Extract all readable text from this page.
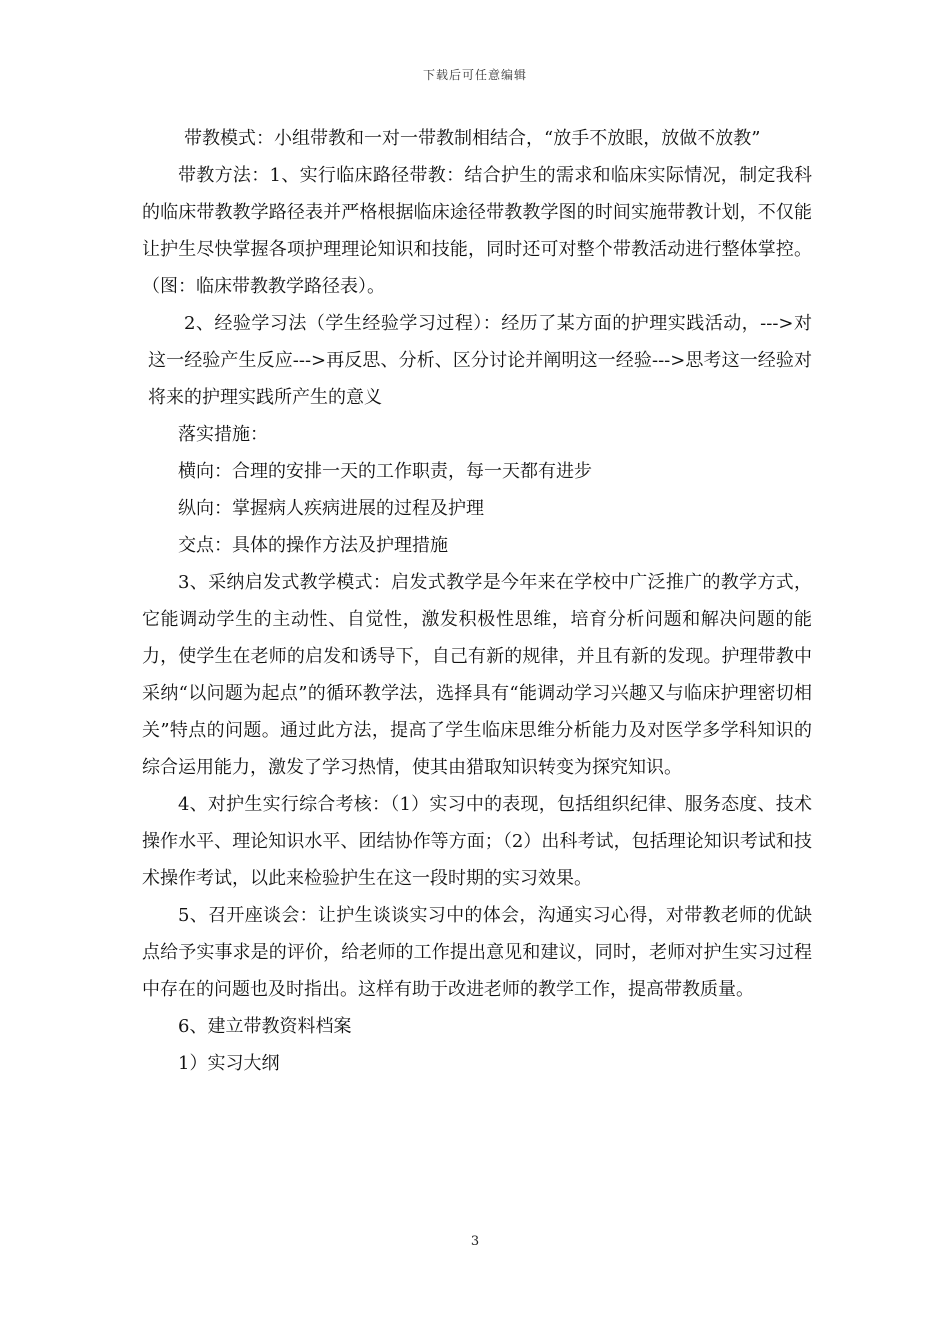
下载后可任意编辑

带教模式：小组带教和一对一带教制相结合，“放手不放眼，放做不放教”

带教方法：1、实行临床路径带教：结合护生的需求和临床实际情况，制定我科的临床带教教学路径表并严格根据临床途径带教教学图的时间实施带教计划，不仅能让护生尽快掌握各项护理理论知识和技能，同时还可对整个带教活动进行整体掌控。（图：临床带教教学路径表）。

2、经验学习法（学生经验学习过程）：经历了某方面的护理实践活动，--->对这一经验产生反应--->再反思、分析、区分讨论并阐明这一经验--->思考这一经验对将来的护理实践所产生的意义

落实措施：

横向：合理的安排一天的工作职责，每一天都有进步

纵向：掌握病人疾病进展的过程及护理

交点：具体的操作方法及护理措施

3、采纳启发式教学模式：启发式教学是今年来在学校中广泛推广的教学方式，它能调动学生的主动性、自觉性，激发积极性思维，培育分析问题和解决问题的能力，使学生在老师的启发和诱导下，自己有新的规律，并且有新的发现。护理带教中采纳“以问题为起点”的循环教学法，选择具有“能调动学习兴趣又与临床护理密切相关”特点的问题。通过此方法，提高了学生临床思维分析能力及对医学多学科知识的综合运用能力，激发了学习热情，使其由猎取知识转变为探究知识。

4、对护生实行综合考核：（1）实习中的表现，包括组织纪律、服务态度、技术操作水平、理论知识水平、团结协作等方面；（2）出科考试，包括理论知识考试和技术操作考试，以此来检验护生在这一段时期的实习效果。

5、召开座谈会：让护生谈谈实习中的体会，沟通实习心得，对带教老师的优缺点给予实事求是的评价，给老师的工作提出意见和建议，同时，老师对护生实习过程中存在的问题也及时指出。这样有助于改进老师的教学工作，提高带教质量。

6、建立带教资料档案

1）实习大纲

3
